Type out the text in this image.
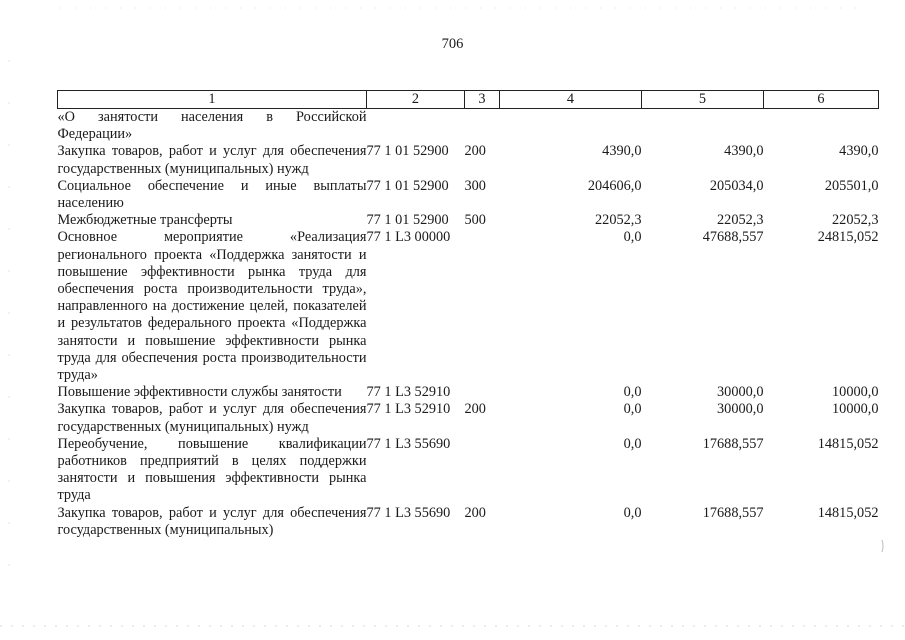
706
1	2	3	4	5	6
«О занятости населения в Российской Федерации»					
Закупка товаров, работ и услуг для обеспечения государственных (муниципальных) нужд	77 1 01 52900	200	4390,0	4390,0	4390,0
Социальное обеспечение и иные выплаты населению	77 1 01 52900	300	204606,0	205034,0	205501,0
Межбюджетные трансферты	77 1 01 52900	500	22052,3	22052,3	22052,3
Основное мероприятие «Реализация регионального проекта «Поддержка занятости и повышение эффективности рынка труда для обеспечения роста производительности труда», направленного на достижение целей, показателей и результатов федерального проекта «Поддержка занятости и повышение эффективности рынка труда для обеспечения роста производительности труда»	77 1 L3 00000		0,0	47688,557	24815,052
Повышение эффективности службы занятости	77 1 L3 52910		0,0	30000,0	10000,0
Закупка товаров, работ и услуг для обеспечения государственных (муниципальных) нужд	77 1 L3 52910	200	0,0	30000,0	10000,0
Переобучение, повышение квалификации работников предприятий в целях поддержки занятости и повышения эффективности рынка труда	77 1 L3 55690		0,0	17688,557	14815,052
Закупка товаров, работ и услуг для обеспечения государственных (муниципальных)	77 1 L3 55690	200	0,0	17688,557	14815,052
